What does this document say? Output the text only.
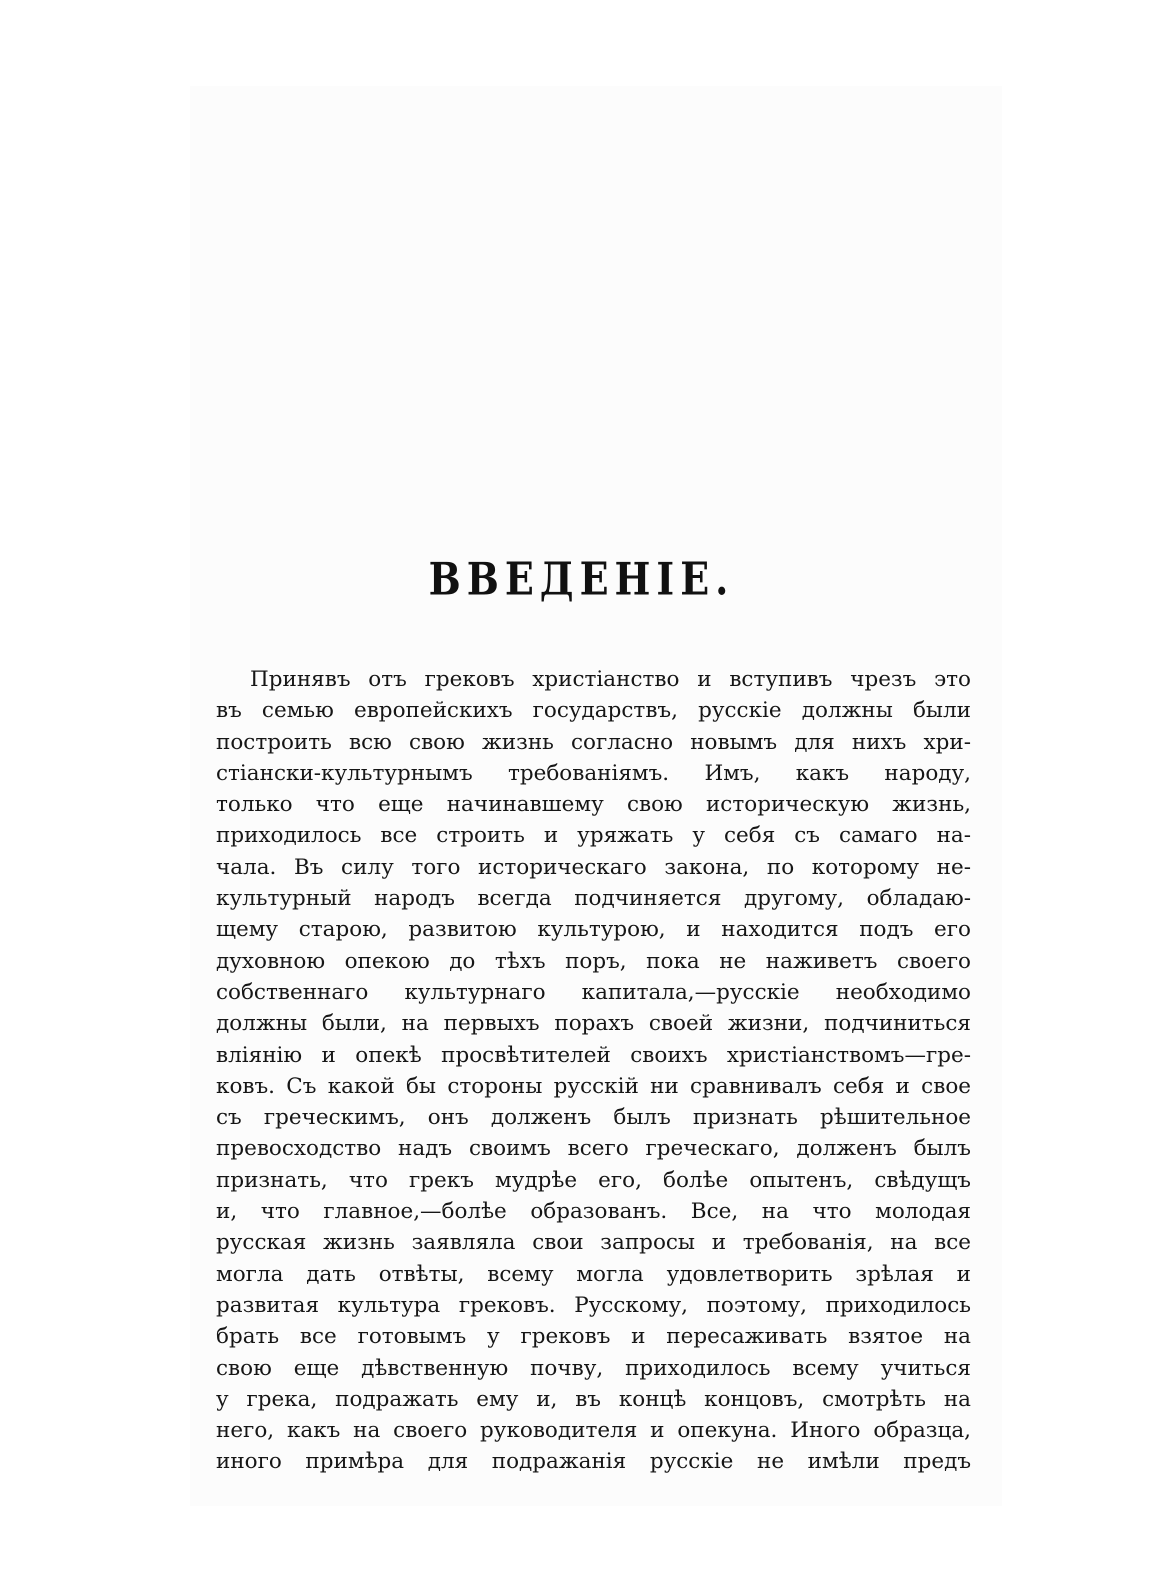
ВВЕДЕНІЕ.
Принявъ отъ грековъ христіанство и вступивъ чрезъ это
въ семью европейскихъ государствъ, русскіе должны были
построить всю свою жизнь согласно новымъ для нихъ хри-
стіански-культурнымъ требованіямъ. Имъ, какъ народу,
только что еще начинавшему свою историческую жизнь,
приходилось все строить и уряжать у себя съ самаго на-
чала. Въ силу того историческаго закона, по которому не-
культурный народъ всегда подчиняется другому, обладаю-
щему старою, развитою культурою, и находится подъ его
духовною опекою до тѣхъ поръ, пока не наживетъ своего
собственнаго культурнаго капитала,—русскіе необходимо
должны были, на первыхъ порахъ своей жизни, подчиниться
вліянію и опекѣ просвѣтителей своихъ христіанствомъ—гре-
ковъ. Съ какой бы стороны русскій ни сравнивалъ себя и свое
съ греческимъ, онъ долженъ былъ признать рѣшительное
превосходство надъ своимъ всего греческаго, долженъ былъ
признать, что грекъ мудрѣе его, болѣе опытенъ, свѣдущъ
и, что главное,—болѣе образованъ. Все, на что молодая
русская жизнь заявляла свои запросы и требованія, на все
могла дать отвѣты, всему могла удовлетворить зрѣлая и
развитая культура грековъ. Русскому, поэтому, приходилось
брать все готовымъ у грековъ и пересаживать взятое на
свою еще дѣвственную почву, приходилось всему учиться
у грека, подражать ему и, въ концѣ концовъ, смотрѣть на
него, какъ на своего руководителя и опекуна. Иного образца,
иного примѣра для подражанія русскіе не имѣли предъ
